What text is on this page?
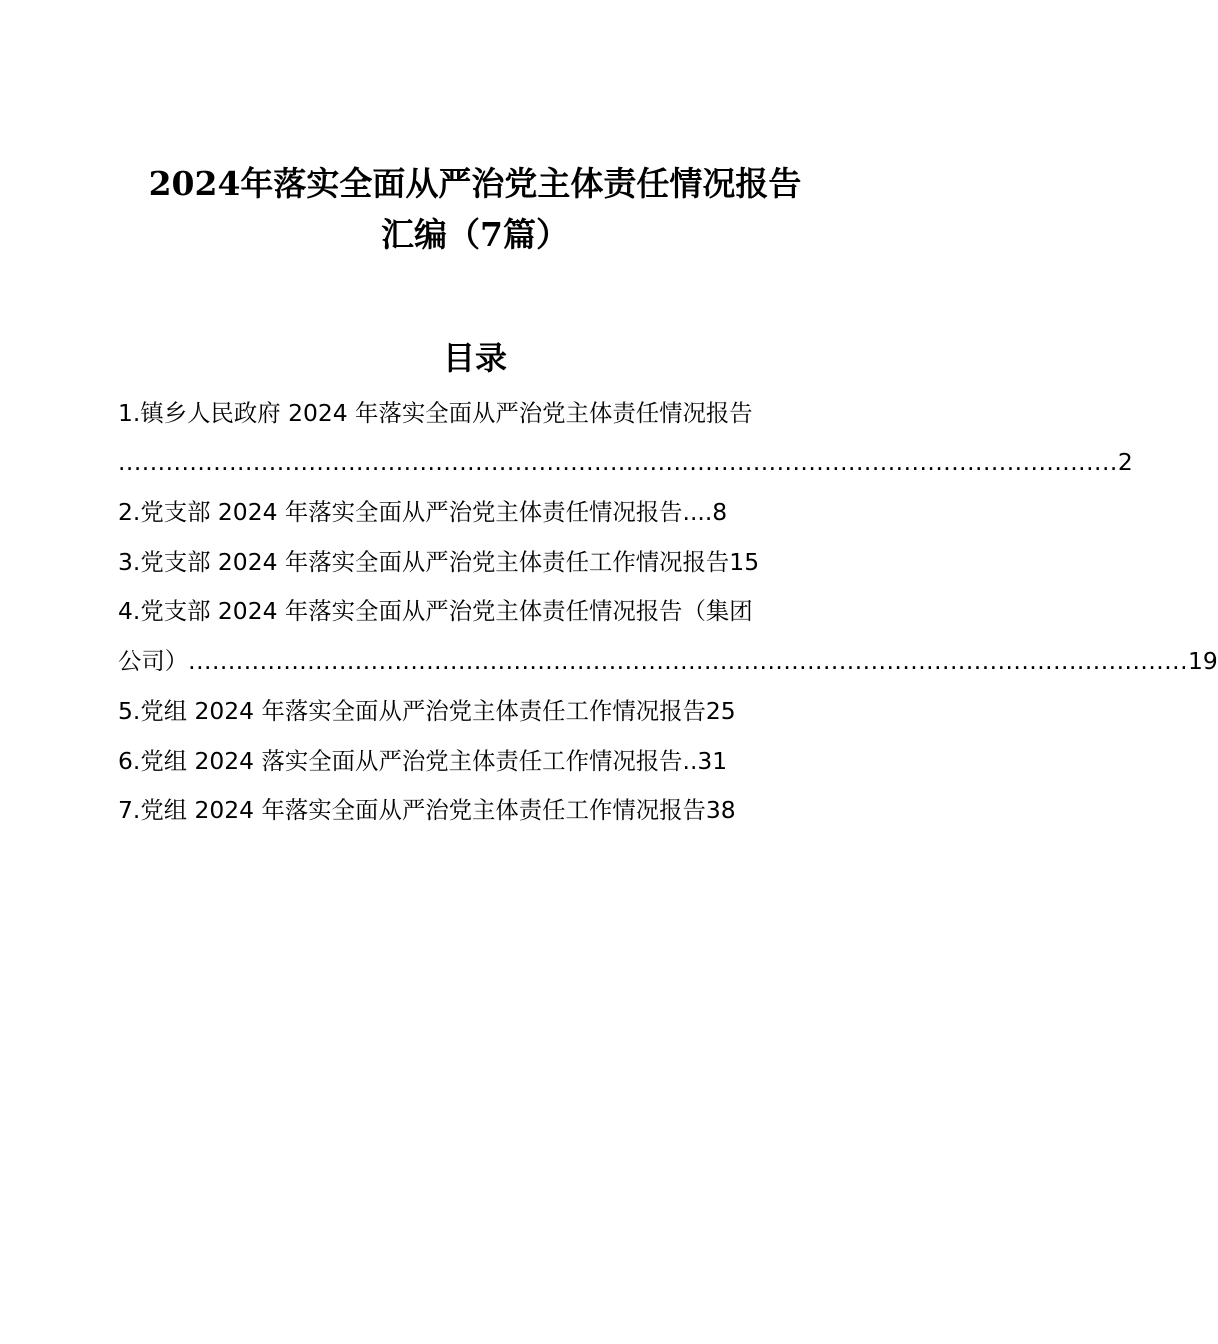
2024年落实全面从严治党主体责任情况报告
汇编（7篇）
目录
1.镇乡人民政府 2024 年落实全面从严治党主体责任情况报告
.............................................................................................................................. 2
2.党支部 2024 年落实全面从严治党主体责任情况报告....8
3.党支部 2024 年落实全面从严治党主体责任工作情况报告15
4.党支部 2024 年落实全面从严治党主体责任情况报告（集团
公司） .............................................................................................................................. 19
5.党组 2024 年落实全面从严治党主体责任工作情况报告25
6.党组 2024 落实全面从严治党主体责任工作情况报告..31
7.党组 2024 年落实全面从严治党主体责任工作情况报告38
